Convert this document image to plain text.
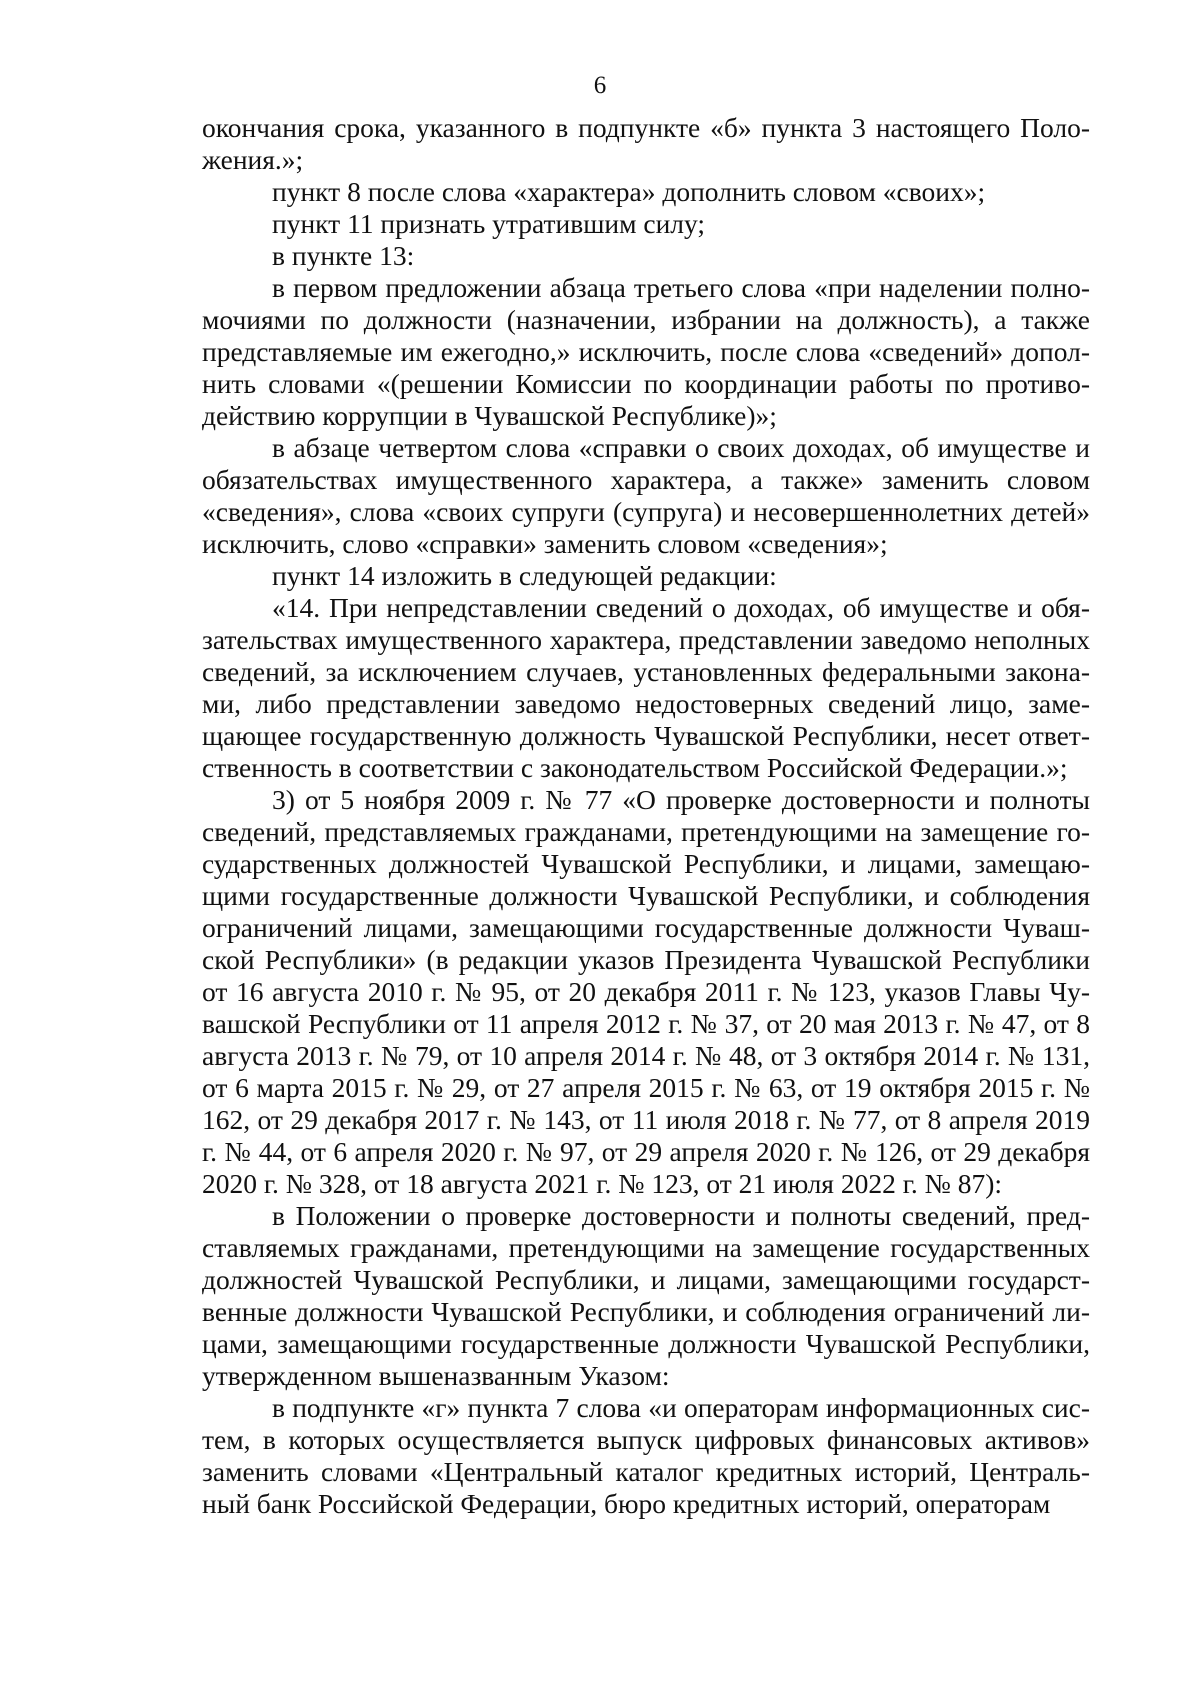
6

окончания срока, указанного в подпункте «б» пункта 3 настоящего Положения.»;

пункт 8 после слова «характера» дополнить словом «своих»;

пункт 11 признать утратившим силу;

в пункте 13:

в первом предложении абзаца третьего слова «при наделении полномочиями по должности (назначении, избрании на должность), а также представляемые им ежегодно,» исключить, после слова «сведений» дополнить словами «(решении Комиссии по координации работы по противодействию коррупции в Чувашской Республике)»;

в абзаце четвертом слова «справки о своих доходах, об имуществе и обязательствах имущественного характера, а также» заменить словом «сведения», слова «своих супруги (супруга) и несовершеннолетних детей» исключить, слово «справки» заменить словом «сведения»;

пункт 14 изложить в следующей редакции:

«14. При непредставлении сведений о доходах, об имуществе и обязательствах имущественного характера, представлении заведомо неполных сведений, за исключением случаев, установленных федеральными законами, либо представлении заведомо недостоверных сведений лицо, замещающее государственную должность Чувашской Республики, несет ответственность в соответствии с законодательством Российской Федерации.»;

3) от 5 ноября 2009 г. № 77 «О проверке достоверности и полноты сведений, представляемых гражданами, претендующими на замещение государственных должностей Чувашской Республики, и лицами, замещающими государственные должности Чувашской Республики, и соблюдения ограничений лицами, замещающими государственные должности Чувашской Республики» (в редакции указов Президента Чувашской Республики от 16 августа 2010 г. № 95, от 20 декабря 2011 г. № 123, указов Главы Чувашской Республики от 11 апреля 2012 г. № 37, от 20 мая 2013 г. № 47, от 8 августа 2013 г. № 79, от 10 апреля 2014 г. № 48, от 3 октября 2014 г. № 131, от 6 марта 2015 г. № 29, от 27 апреля 2015 г. № 63, от 19 октября 2015 г. № 162, от 29 декабря 2017 г. № 143, от 11 июля 2018 г. № 77, от 8 апреля 2019 г. № 44, от 6 апреля 2020 г. № 97, от 29 апреля 2020 г. № 126, от 29 декабря 2020 г. № 328, от 18 августа 2021 г. № 123, от 21 июля 2022 г. № 87):

в Положении о проверке достоверности и полноты сведений, представляемых гражданами, претендующими на замещение государственных должностей Чувашской Республики, и лицами, замещающими государственные должности Чувашской Республики, и соблюдения ограничений лицами, замещающими государственные должности Чувашской Республики, утвержденном вышеназванным Указом:

в подпункте «г» пункта 7 слова «и операторам информационных систем, в которых осуществляется выпуск цифровых финансовых активов» заменить словами «Центральный каталог кредитных историй, Центральный банк Российской Федерации, бюро кредитных историй, операторам
